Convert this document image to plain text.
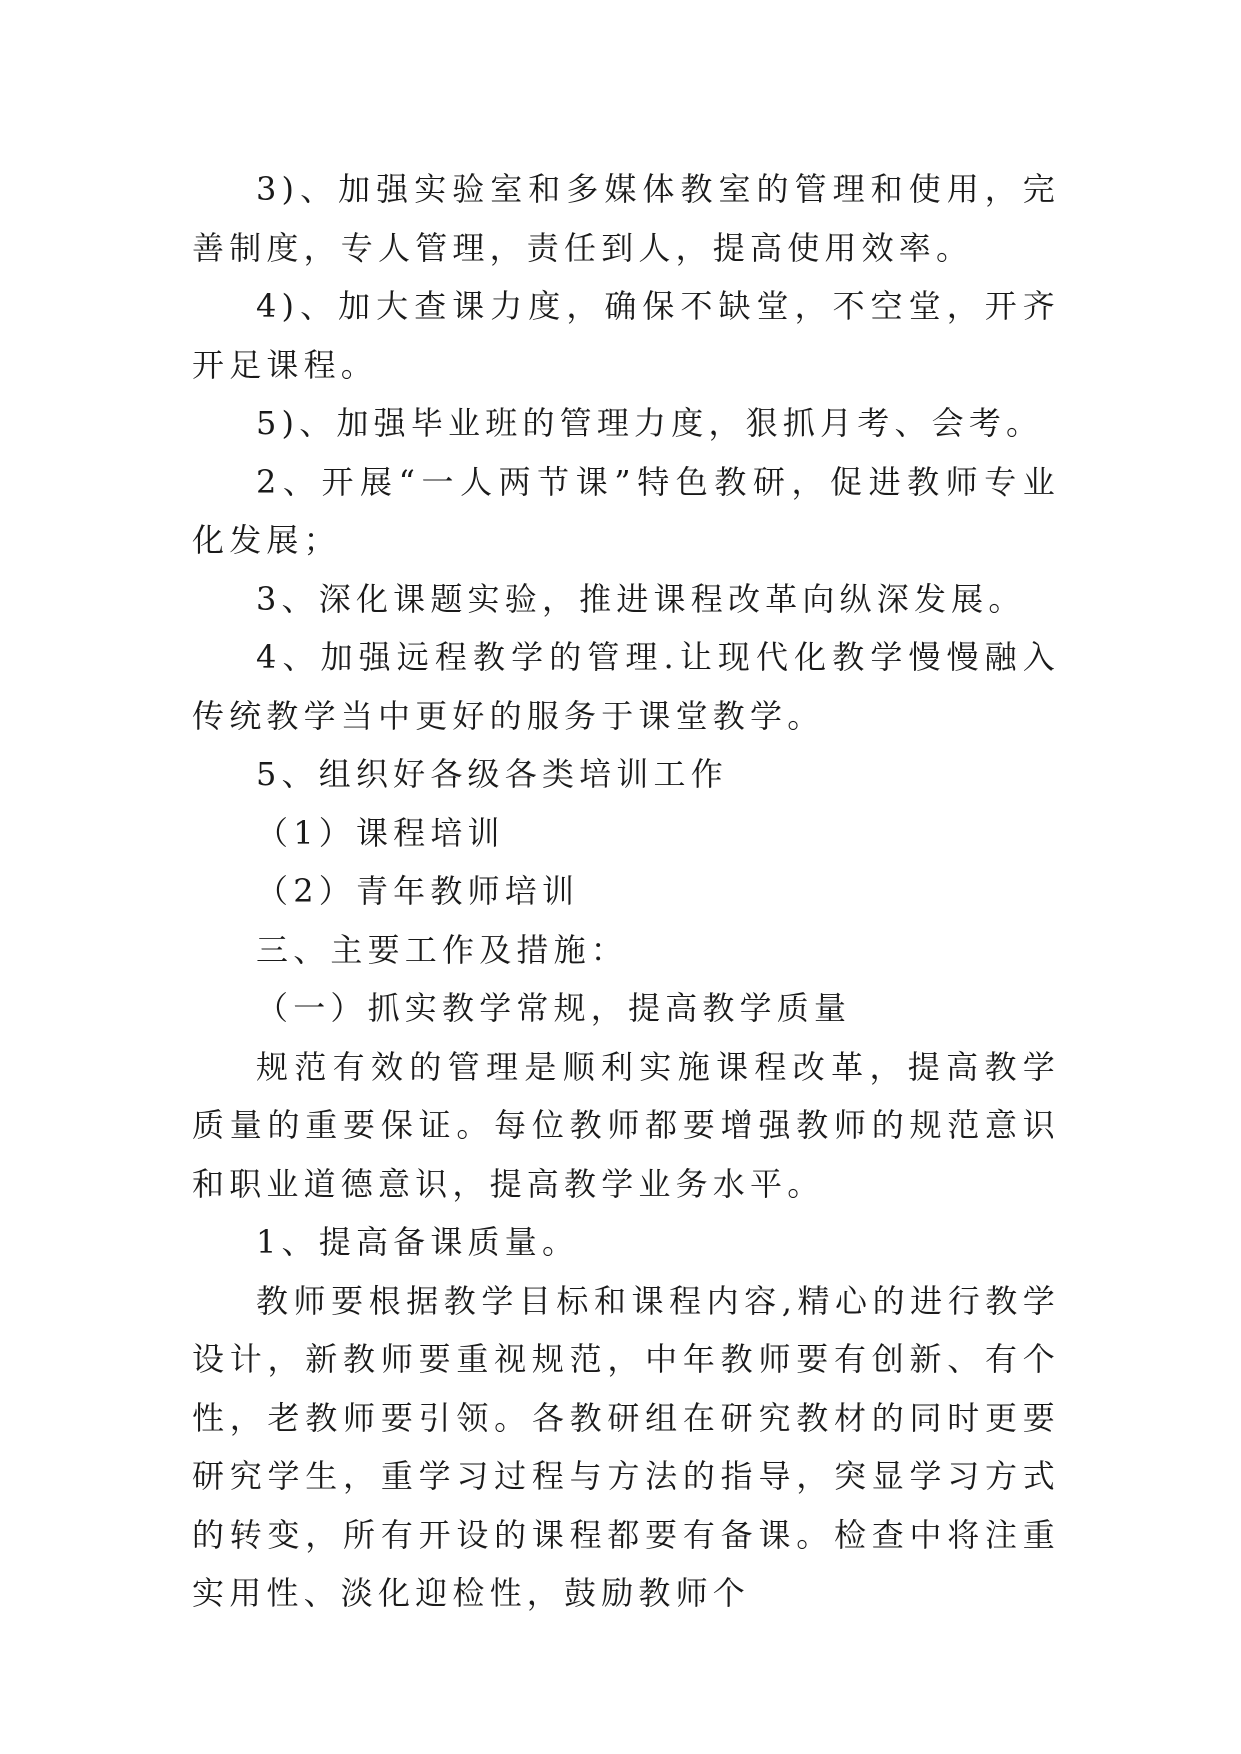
3)、加强实验室和多媒体教室的管理和使用，完善制度，专人管理，责任到人，提高使用效率。

4)、加大查课力度，确保不缺堂，不空堂，开齐开足课程。

5)、加强毕业班的管理力度，狠抓月考、会考。

2、开展“一人两节课”特色教研，促进教师专业化发展；

3、深化课题实验，推进课程改革向纵深发展。

4、加强远程教学的管理.让现代化教学慢慢融入传统教学当中更好的服务于课堂教学。

5、组织好各级各类培训工作

（1）课程培训

（2）青年教师培训

三、主要工作及措施：

（一）抓实教学常规，提高教学质量

规范有效的管理是顺利实施课程改革，提高教学质量的重要保证。每位教师都要增强教师的规范意识和职业道德意识，提高教学业务水平。

1、提高备课质量。

教师要根据教学目标和课程内容,精心的进行教学设计，新教师要重视规范，中年教师要有创新、有个性，老教师要引领。各教研组在研究教材的同时更要研究学生，重学习过程与方法的指导，突显学习方式的转变，所有开设的课程都要有备课。检查中将注重实用性、淡化迎检性，鼓励教师个
